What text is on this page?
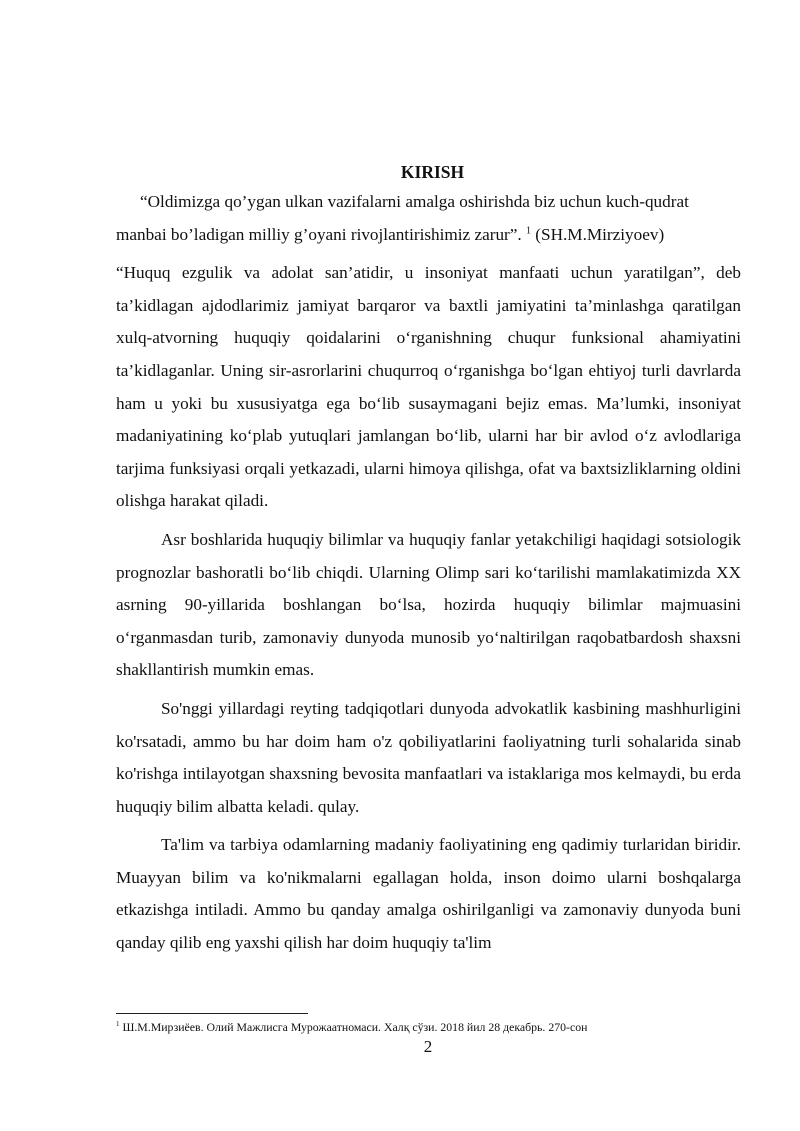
KIRISH

“Oldimizga qo’ygan ulkan vazifalarni amalga oshirishda biz uchun kuch-qudrat manbai bo’ladigan milliy g’oyani rivojlantirishimiz zarur”. $^1$ (SH.M.Mirziyoev)

“Huquq ezgulik va adolat san’atidir, u insoniyat manfaati uchun yaratilgan”, deb ta’kidlagan ajdodlarimiz jamiyat barqaror va baxtli jamiyatini ta’minlashga qaratilgan xulq-atvorning huquqiy qoidalarini oʻrganishning chuqur funksional ahamiyatini ta’kidlaganlar. Uning sir-asrorlarini chuqurroq oʻrganishga boʻlgan ehtiyoj turli davrlarda ham u yoki bu xususiyatga ega boʻlib susaymagani bejiz emas. Ma’lumki, insoniyat madaniyatining koʻplab yutuqlari jamlangan boʻlib, ularni har bir avlod oʻz avlodlariga tarjima funksiyasi orqali yetkazadi, ularni himoya qilishga, ofat va baxtsizliklarning oldini olishga harakat qiladi.

Asr boshlarida huquqiy bilimlar va huquqiy fanlar yetakchiligi haqidagi sotsiologik prognozlar bashoratli boʻlib chiqdi. Ularning Olimp sari koʻtarilishi mamlakatimizda XX asrning 90-yillarida boshlangan boʻlsa, hozirda huquqiy bilimlar majmuasini oʻrganmasdan turib, zamonaviy dunyoda munosib yoʻnaltirilgan raqobatbardosh shaxsni shakllantirish mumkin emas.

So'nggi yillardagi reyting tadqiqotlari dunyoda advokatlik kasbining mashhurligini ko'rsatadi, ammo bu har doim ham o'z qobiliyatlarini faoliyatning turli sohalarida sinab ko'rishga intilayotgan shaxsning bevosita manfaatlari va istaklariga mos kelmaydi, bu erda huquqiy bilim albatta keladi. qulay.

Ta'lim va tarbiya odamlarning madaniy faoliyatining eng qadimiy turlaridan biridir. Muayyan bilim va ko'nikmalarni egallagan holda, inson doimo ularni boshqalarga etkazishga intiladi. Ammo bu qanday amalga oshirilganligi va zamonaviy dunyoda buni qanday qilib eng yaxshi qilish har doim huquqiy ta'lim

$^1$ Ш.М.Мирзиёев. Олий Мажлисга Мурожаатномаси. Халқ сўзи. 2018 йил 28 декабрь. 270-сон
2
